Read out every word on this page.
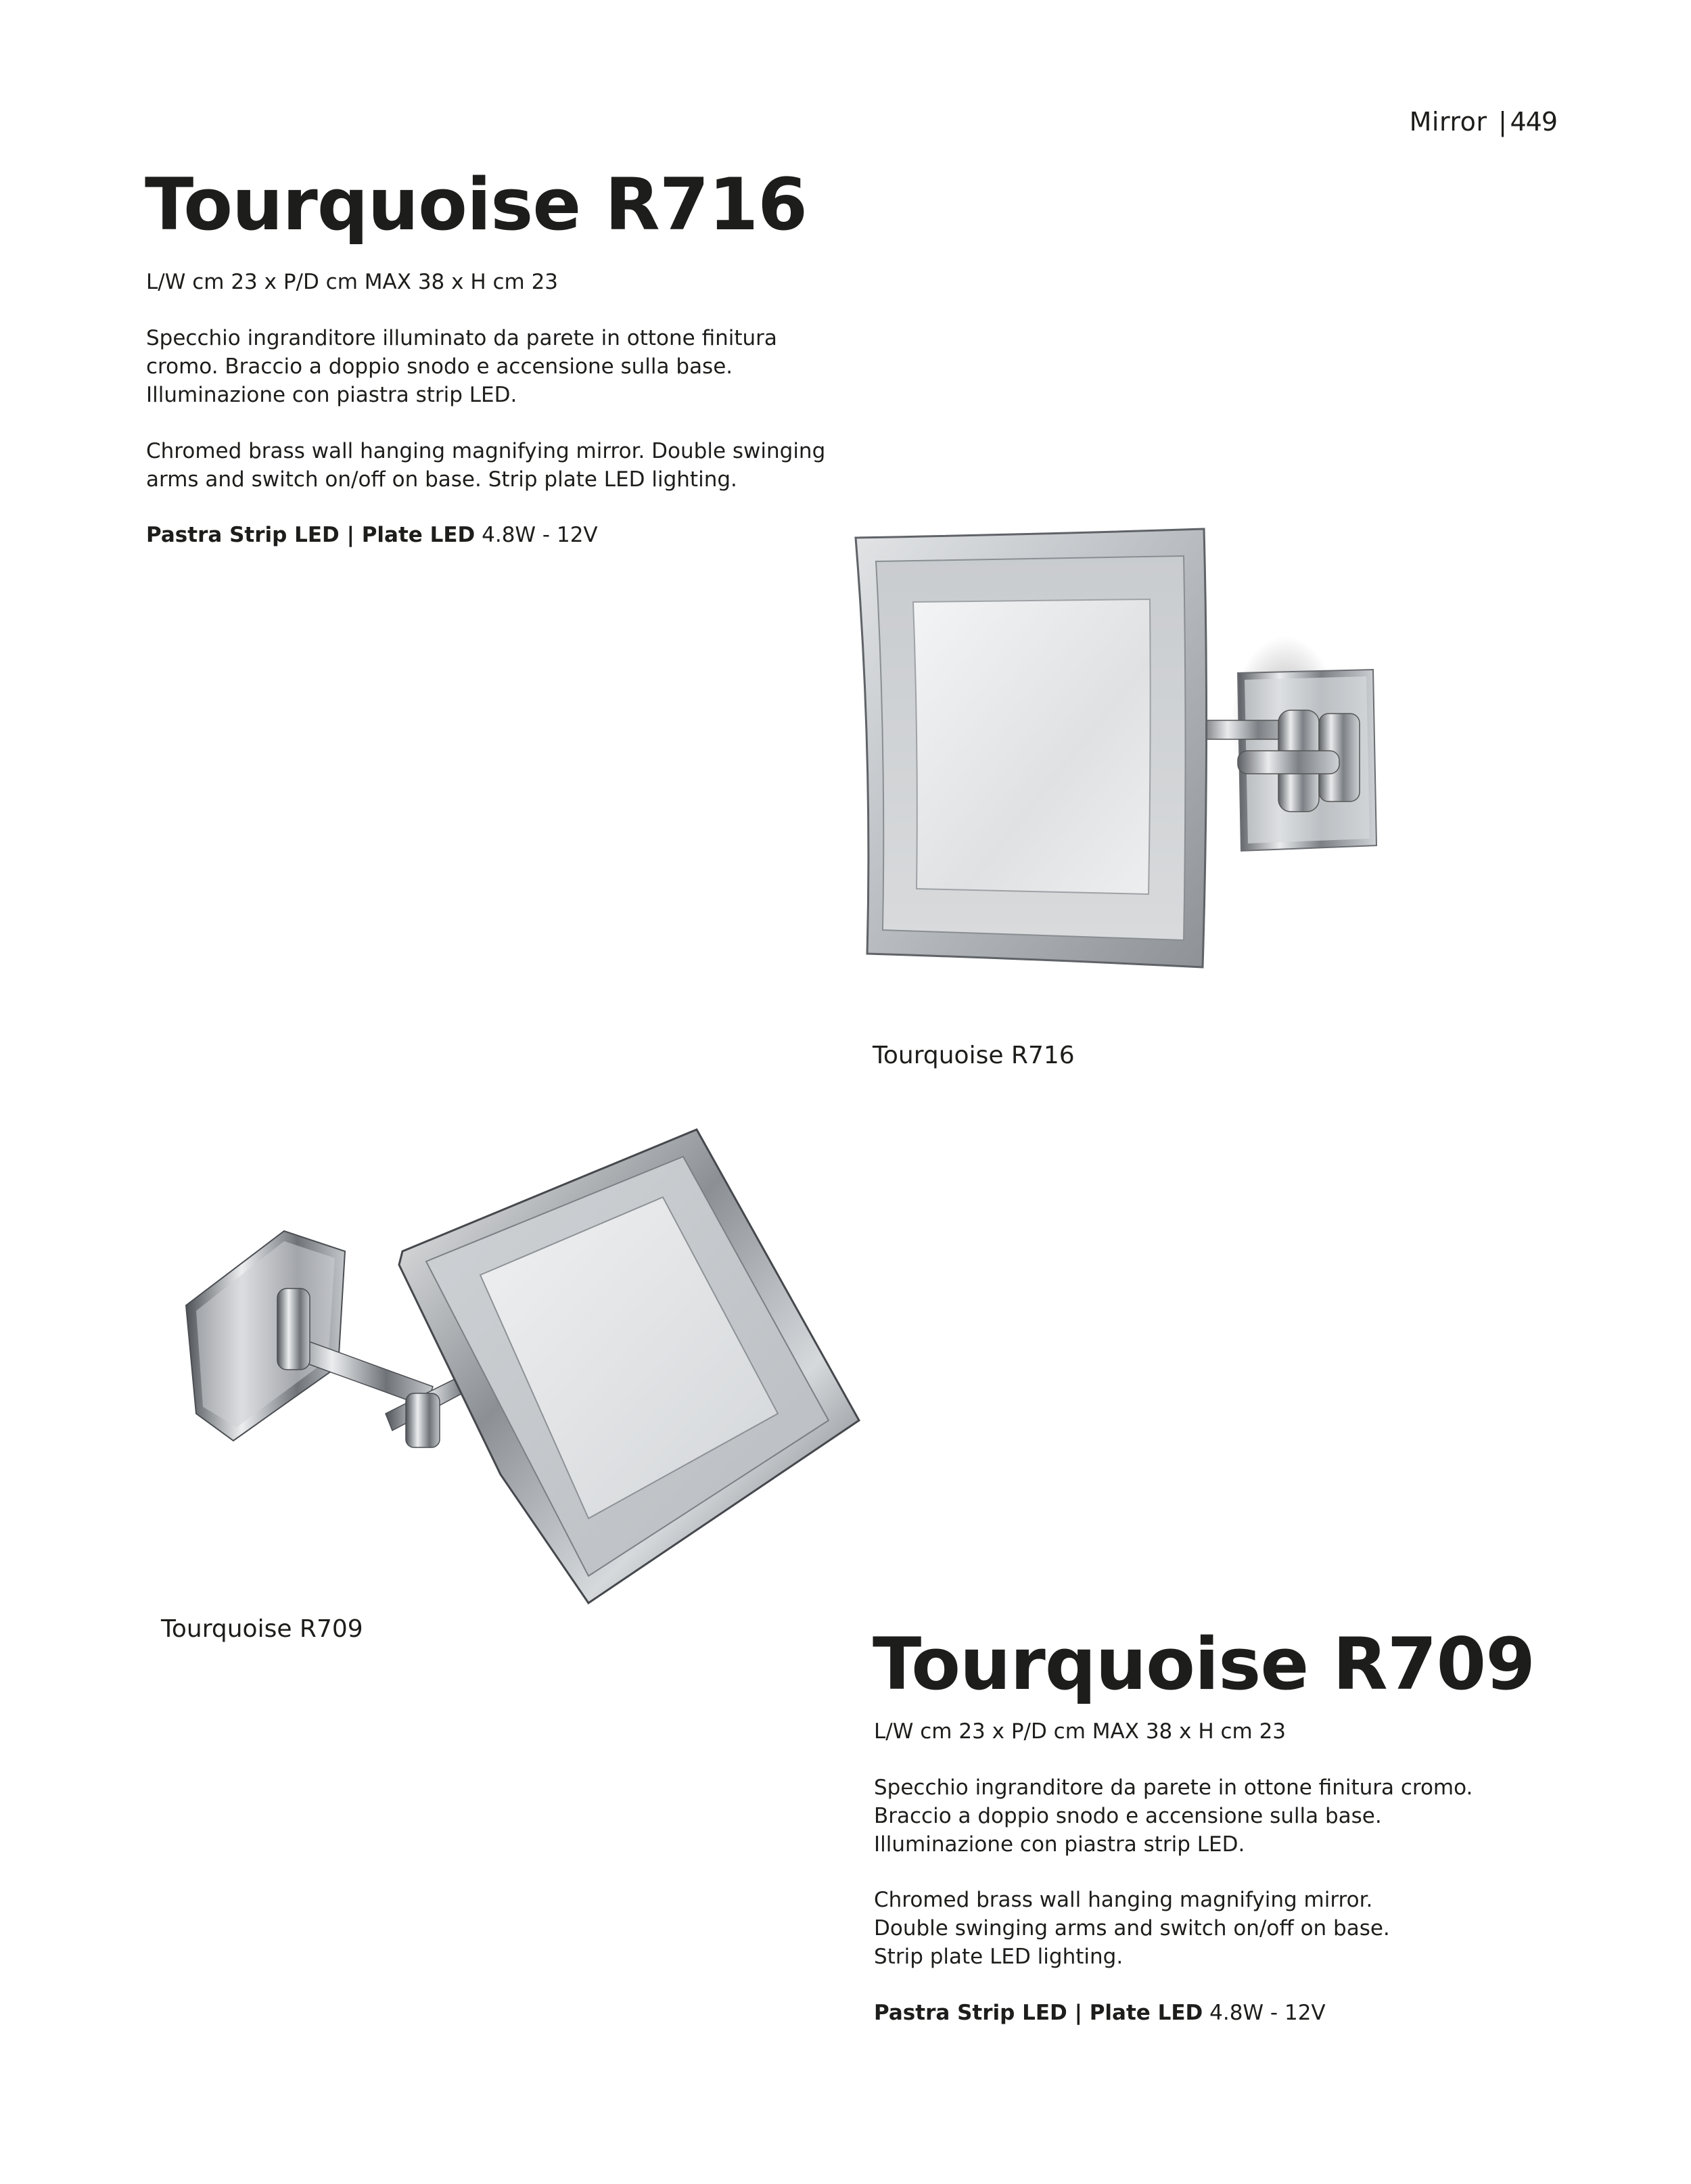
Mirror | 449
Tourquoise R716
L/W cm 23 x P/D cm MAX 38 x H cm 23
Specchio ingranditore illuminato da parete in ottone finitura
cromo. Braccio a doppio snodo e accensione sulla base.
Illuminazione con piastra strip LED.
Chromed brass wall hanging magnifying mirror. Double swinging
arms and switch on/off on base. Strip plate LED lighting.
Pastra Strip LED | Plate LED 4.8W - 12V
Tourquoise R716
Tourquoise R709	Tourquoise R709
L/W cm 23 x P/D cm MAX 38 x H cm 23
Specchio ingranditore da parete in ottone finitura cromo.
Braccio a doppio snodo e accensione sulla base.
Illuminazione con piastra strip LED.
Chromed brass wall hanging magnifying mirror.
Double swinging arms and switch on/off on base.
Strip plate LED lighting.
Pastra Strip LED | Plate LED 4.8W - 12V
